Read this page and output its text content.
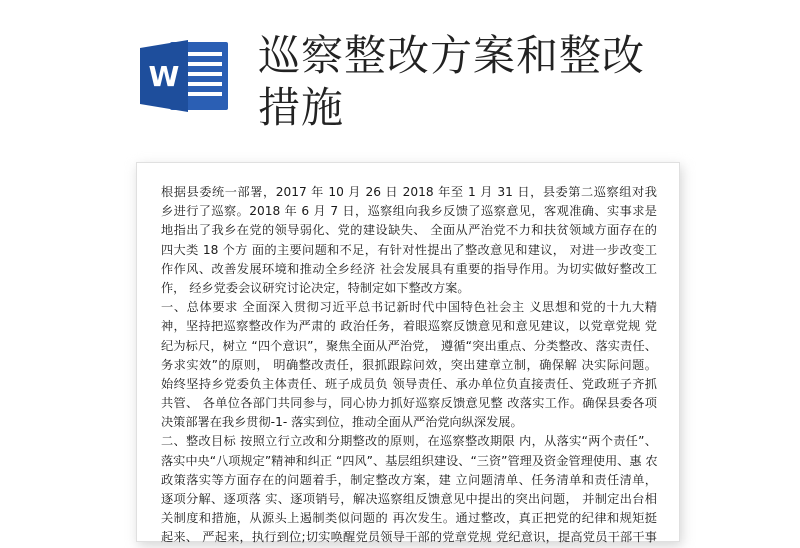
W 巡察整改方案和整改
措施
根据县委统一部署，2017 年 10 月 26 日 2018 年至 1 月 31 日，县委第二巡察组对我
乡进行了巡察。2018 年 6 月 7 日，巡察组向我乡反馈了巡察意见，客观准确、实事求是
地指出了我乡在党的领导弱化、党的建设缺失、 全面从严治党不力和扶贫领域方面存在的
四大类 18 个方 面的主要问题和不足，有针对性提出了整改意见和建议， 对进一步改变工
作作风、改善发展环境和推动全乡经济 社会发展具有重要的指导作用。为切实做好整改工
作， 经乡党委会议研究讨论决定，特制定如下整改方案。
一、总体要求 全面深入贯彻习近平总书记新时代中国特色社会主 义思想和党的十九大精
神，坚持把巡察整改作为严肃的 政治任务，着眼巡察反馈意见和意见建议，以党章党规 党
纪为标尺，树立 “四个意识”，聚焦全面从严治党， 遵循“突出重点、分类整改、落实责任、
务求实效”的原则， 明确整改责任，狠抓跟踪问效，突出建章立制，确保解 决实际问题。
始终坚持乡党委负主体责任、班子成员负 领导责任、承办单位负直接责任、党政班子齐抓
共管、 各单位各部门共同参与，同心协力抓好巡察反馈意见整 改落实工作。确保县委各项
决策部署在我乡贯彻-1- 落实到位，推动全面从严治党向纵深发展。
二、整改目标 按照立行立改和分期整改的原则，在巡察整改期限 内，从落实“两个责任”、
落实中央“八项规定”精神和纠正 “四风”、基层组织建设、“三资”管理及资金管理使用、惠 农
政策落实等方面存在的问题着手，制定整改方案，建 立问题清单、任务清单和责任清单，
逐项分解、逐项落 实、逐项销号，解决巡察组反馈意见中提出的突出问题， 并制定出台相
关制度和措施，从源头上遏制类似问题的 再次发生。通过整改，真正把党的纪律和规矩挺
起来、 严起来，执行到位;切实唤醒党员领导干部的党章党规 党纪意识，提高党员干部干事
